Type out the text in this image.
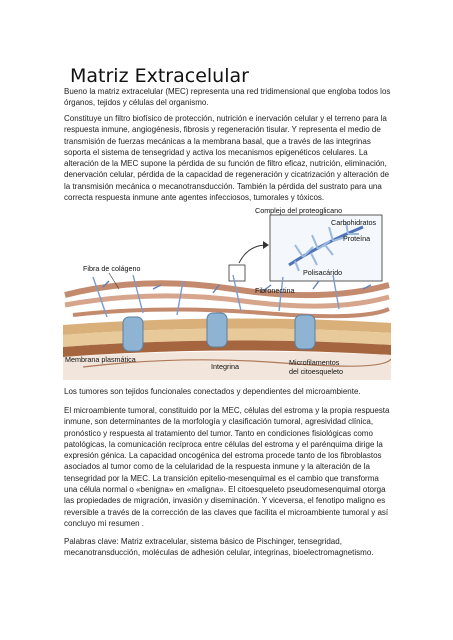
Matriz Extracelular

Bueno la matriz extracelular (MEC) representa una red tridimensional que engloba todos los órganos, tejidos y células del organismo.

Constituye un filtro biofísico de protección, nutrición e inervación celular y el terreno para la respuesta inmune, angiogénesis, fibrosis y regeneración tisular. Y representa el medio de transmisión de fuerzas mecánicas a la membrana basal, que a través de las integrinas soporta el sistema de tensegridad y activa los mecanismos epigenéticos celulares. La alteración de la MEC supone la pérdida de su función de filtro eficaz, nutrición, eliminación, denervación celular, pérdida de la capacidad de regeneración y cicatrización y alteración de la transmisión mecánica o mecanotransducción. También la pérdida del sustrato para una correcta respuesta inmune ante agentes infecciosos, tumorales y tóxicos.

Complejo del proteoglicano
Carbohidratos
Proteína
Polisacárido
Fibra de colágeno
Fibronectina
Membrana plasmática
Integrina	Microfilamentos
del citoesqueleto

Los tumores son tejidos funcionales conectados y dependientes del microambiente.

El microambiente tumoral, constituido por la MEC, células del estroma y la propia respuesta inmune, son determinantes de la morfología y clasificación tumoral, agresividad clínica, pronóstico y respuesta al tratamiento del tumor. Tanto en condiciones fisiológicas como patológicas, la comunicación recíproca entre células del estroma y el parénquima dirige la expresión génica. La capacidad oncogénica del estroma procede tanto de los fibroblastos asociados al tumor como de la celularidad de la respuesta inmune y la alteración de la tensegridad por la MEC. La transición epitelio-mesenquimal es el cambio que transforma una célula normal o «benigna» en «maligna». El citoesqueleto pseudomesenquimal otorga las propiedades de migración, invasión y diseminación. Y viceversa, el fenotipo maligno es reversible a través de la corrección de las claves que facilita el microambiente tumoral y así concluyo mi resumen .

Palabras clave: Matriz extracelular, sistema básico de Pischinger, tensegridad, mecanotransducción, moléculas de adhesión celular, integrinas, bioelectromagnetismo.
